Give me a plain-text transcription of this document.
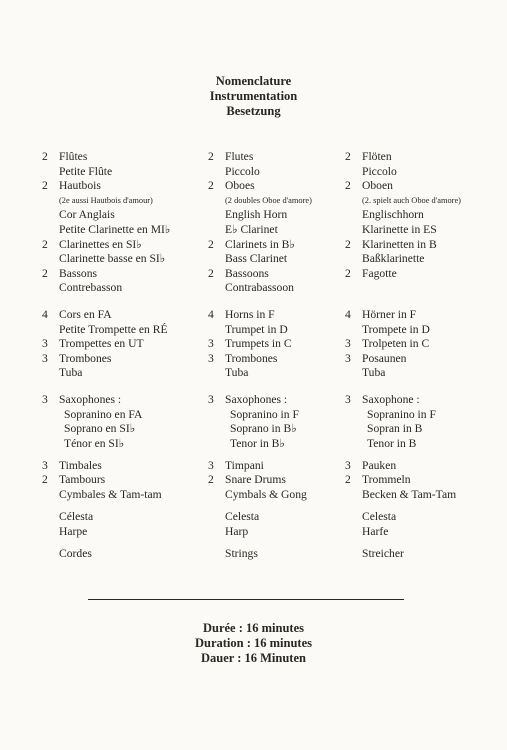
Nomenclature
Instrumentation
Besetzung
2 Flûtes
Petite Flûte
2 Hautbois
(2e aussi Hautbois d'amour)
Cor Anglais
Petite Clarinette en MI♭
2 Clarinettes en SI♭
Clarinette basse en SI♭
2 Bassons
Contrebasson
4 Cors en FA
Petite Trompette en RÉ
3 Trompettes en UT
3 Trombones
Tuba
3 Saxophones :
Sopranino en FA
Soprano en SI♭
Ténor en SI♭
3 Timbales
2 Tambours
Cymbales & Tam-tam
Célesta
Harpe
Cordes
2 Flutes
Piccolo
2 Oboes
(2 doubles Oboe d'amore)
English Horn
E♭ Clarinet
2 Clarinets in B♭
Bass Clarinet
2 Bassoons
Contrabassoon
4 Horns in F
Trumpet in D
3 Trumpets in C
3 Trombones
Tuba
3 Saxophones :
Sopranino in F
Soprano in B♭
Tenor in B♭
3 Timpani
2 Snare Drums
Cymbals & Gong
Celesta
Harp
Strings
2 Flöten
Piccolo
2 Oboen
(2. spielt auch Oboe d'amore)
Englischhorn
Klarinette in ES
2 Klarinetten in B
Baßklarinette
2 Fagotte
4 Hörner in F
Trompete in D
3 Trolpeten in C
3 Posaunen
Tuba
3 Saxophone :
Sopranino in F
Sopran in B
Tenor in B
3 Pauken
2 Trommeln
Becken & Tam-Tam
Celesta
Harfe
Streicher
Durée : 16 minutes
Duration : 16 minutes
Dauer : 16 Minuten
